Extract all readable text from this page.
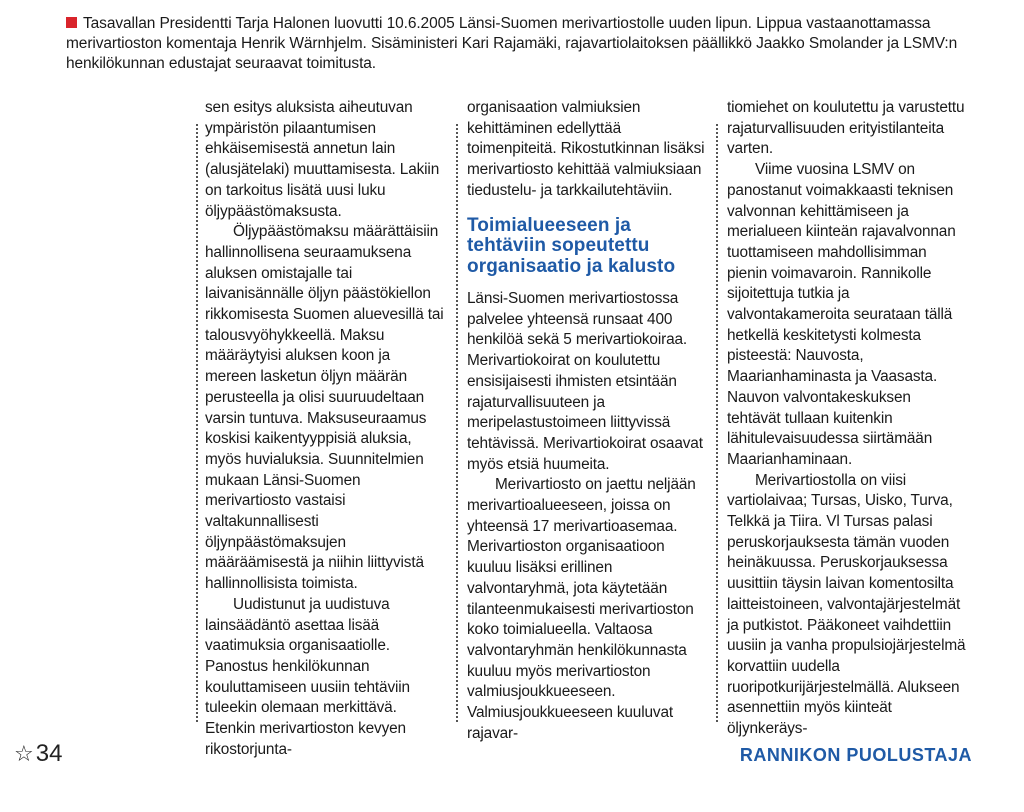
Tasavallan Presidentti Tarja Halonen luovutti 10.6.2005 Länsi-Suomen merivartiostolle uuden lipun. Lippua vastaanottamassa merivartioston komentaja Henrik Wärnhjelm. Sisäministeri Kari Rajamäki, rajavartiolaitoksen päällikkö Jaakko Smolander ja LSMV:n henkilökunnan edustajat seuraavat toimitusta.

sen esitys aluksista aiheutuvan ympäristön pilaantumisen ehkäisemisestä annetun lain (alusjätelaki) muuttamisesta. Lakiin on tarkoitus lisätä uusi luku öljypäästömaksusta.

Öljypäästömaksu määrättäisiin hallinnollisena seuraamuksena aluksen omistajalle tai laivanisännälle öljyn päästökiellon rikkomisesta Suomen aluevesillä tai talousvyöhykkeellä. Maksu määräytyisi aluksen koon ja mereen lasketun öljyn määrän perusteella ja olisi suuruudeltaan varsin tuntuva. Maksuseuraamus koskisi kaikentyyppisiä aluksia, myös huvialuksia. Suunnitelmien mukaan Länsi-Suomen merivartiosto vastaisi valtakunnallisesti öljynpäästömaksujen määräämisestä ja niihin liittyvistä hallinnollisista toimista.

Uudistunut ja uudistuva lainsäädäntö asettaa lisää vaatimuksia organisaatiolle. Panostus henkilökunnan kouluttamiseen uusiin tehtäviin tuleekin olemaan merkittävä. Etenkin merivartioston kevyen rikostorjunta-

organisaation valmiuksien kehittäminen edellyttää toimenpiteitä. Rikostutkinnan lisäksi merivartiosto kehittää valmiuksiaan tiedustelu- ja tarkkailutehtäviin.

Toimialueeseen ja tehtäviin sopeutettu organisaatio ja kalusto

Länsi-Suomen merivartiostossa palvelee yhteensä runsaat 400 henkilöä sekä 5 merivartiokoiraa. Merivartiokoirat on koulutettu ensisijaisesti ihmisten etsintään rajaturvallisuuteen ja meripelastustoimeen liittyvissä tehtävissä. Merivartiokoirat osaavat myös etsiä huumeita.

Merivartiosto on jaettu neljään merivartioalueeseen, joissa on yhteensä 17 merivartioasemaa. Merivartioston organisaatioon kuuluu lisäksi erillinen valvontaryhmä, jota käytetään tilanteenmukaisesti merivartioston koko toimialueella. Valtaosa valvontaryhmän henkilökunnasta kuuluu myös merivartioston valmiusjoukkueeseen. Valmiusjoukkueeseen kuuluvat rajavar-

tiomiehet on koulutettu ja varustettu rajaturvallisuuden erityistilanteita varten.

Viime vuosina LSMV on panostanut voimakkaasti teknisen valvonnan kehittämiseen ja merialueen kiinteän rajavalvonnan tuottamiseen mahdollisimman pienin voimavaroin. Rannikolle sijoitettuja tutkia ja valvontakameroita seurataan tällä hetkellä keskitetysti kolmesta pisteestä: Nauvosta, Maarianhaminasta ja Vaasasta. Nauvon valvontakeskuksen tehtävät tullaan kuitenkin lähitulevaisuudessa siirtämään Maarianhaminaan.

Merivartiostolla on viisi vartiolaivaa; Tursas, Uisko, Turva, Telkkä ja Tiira. Vl Tursas palasi peruskorjauksesta tämän vuoden heinäkuussa. Peruskorjauksessa uusittiin täysin laivan komentosilta laitteistoineen, valvontajärjestelmät ja putkistot. Pääkoneet vaihdettiin uusiin ja vanha propulsiojärjestelmä korvattiin uudella ruoripotkurijärjestelmällä. Alukseen asennettiin myös kiinteät öljynkeräys-

☆ 34	RANNIKON PUOLUSTAJA
